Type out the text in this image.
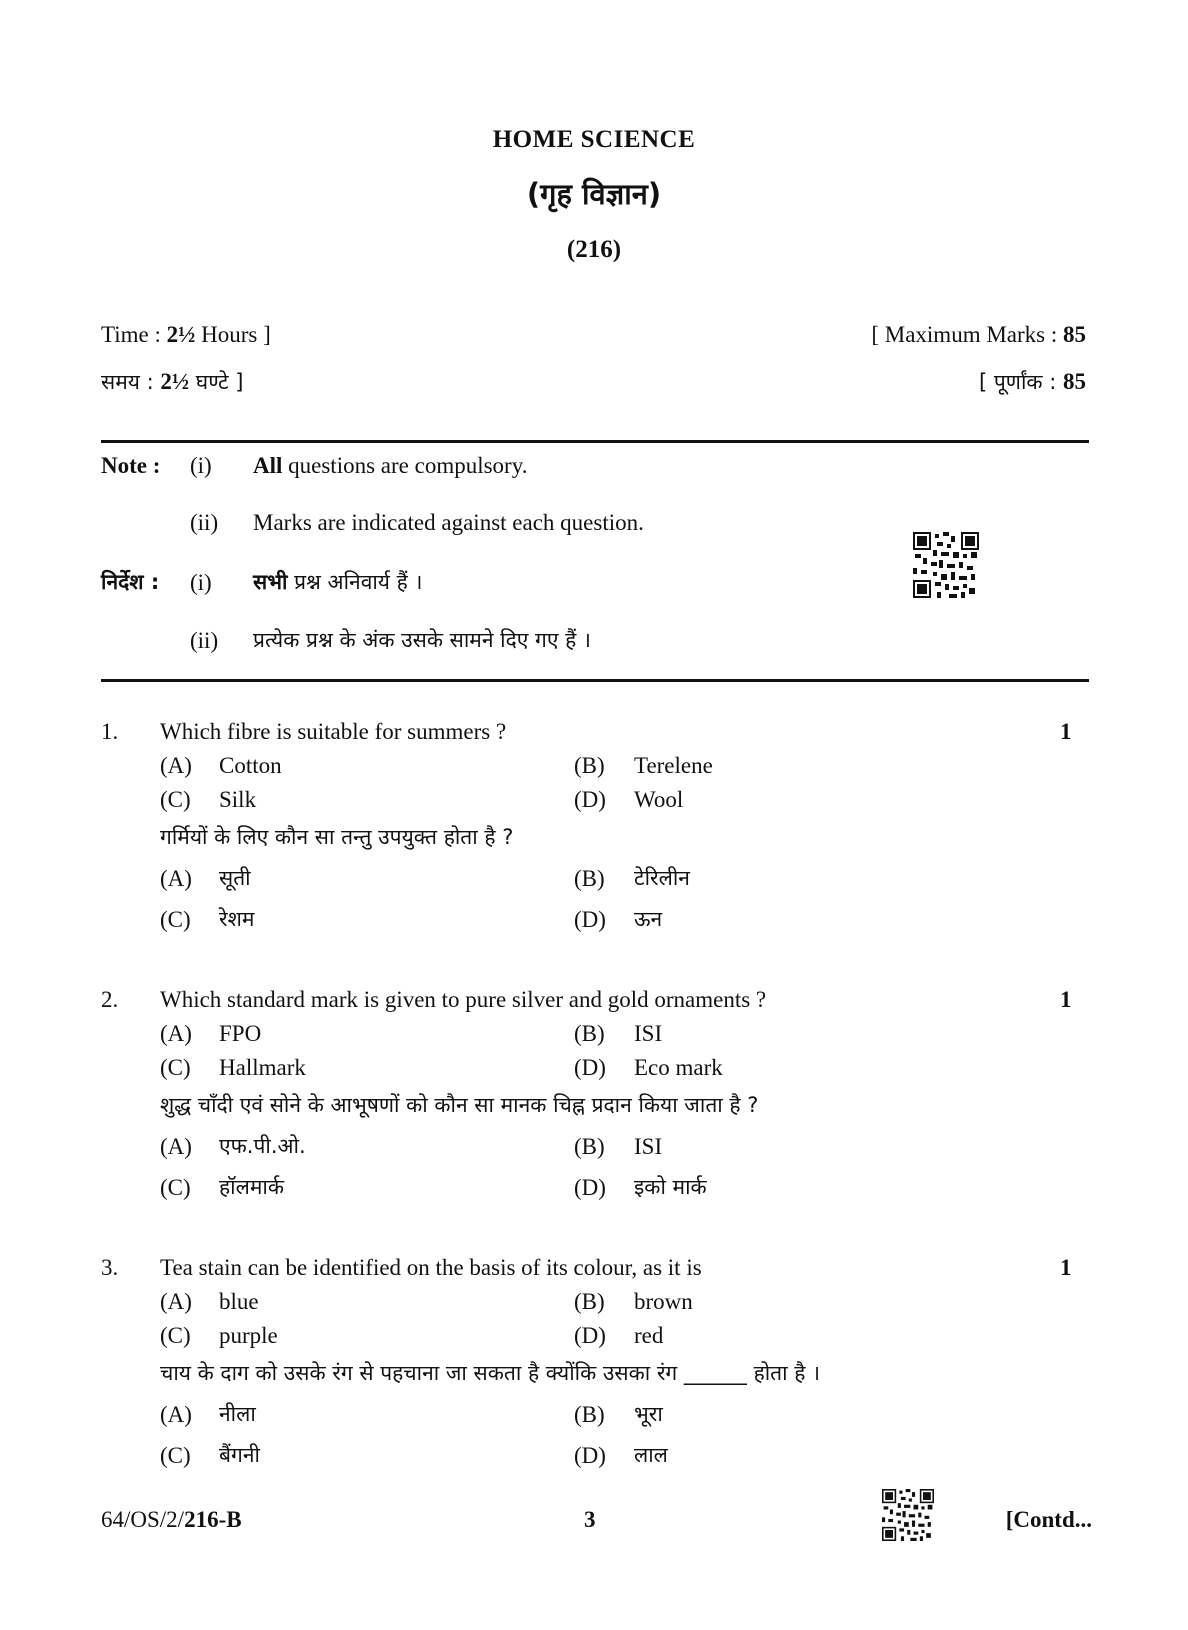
HOME SCIENCE
(गृह विज्ञान)
(216)
Time : 2½ Hours ]	[ Maximum Marks : 85
समय : 2½ घण्टे ]	[ पूर्णांक : 85
Note : (i) All questions are compulsory.
(ii) Marks are indicated against each question.
निर्देश : (i) सभी प्रश्न अनिवार्य हैं ।
(ii) प्रत्येक प्रश्न के अंक उसके सामने दिए गए हैं ।
1. Which fibre is suitable for summers ?	1
(A) Cotton	(B) Terelene
(C) Silk	(D) Wool
गर्मियों के लिए कौन सा तन्तु उपयुक्त होता है ?
(A) सूती	(B) टेरिलीन
(C) रेशम	(D) ऊन
2. Which standard mark is given to pure silver and gold ornaments ?	1
(A) FPO	(B) ISI
(C) Hallmark	(D) Eco mark
शुद्ध चाँदी एवं सोने के आभूषणों को कौन सा मानक चिह्न प्रदान किया जाता है ?
(A) एफ.पी.ओ.	(B) ISI
(C) हॉलमार्क	(D) इको मार्क
3. Tea stain can be identified on the basis of its colour, as it is	1
(A) blue	(B) brown
(C) purple	(D) red
चाय के दाग को उसके रंग से पहचाना जा सकता है क्योंकि उसका रंग ______ होता है ।
(A) नीला	(B) भूरा
(C) बैंगनी	(D) लाल
64/OS/2/216-B	3	[Contd...
